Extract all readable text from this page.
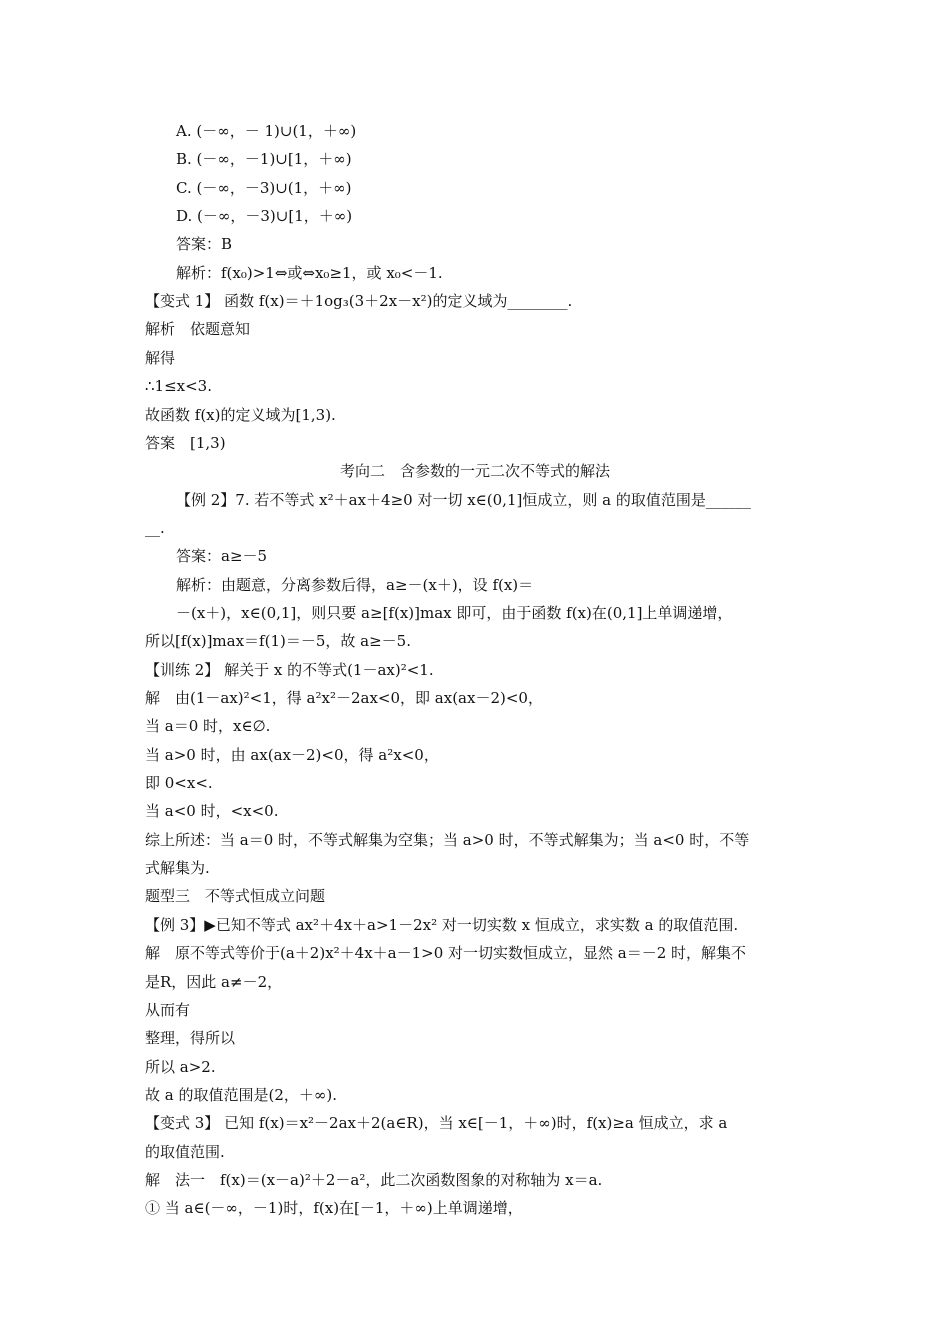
A. (－∞，－ 1)∪(1，＋∞)
B. (－∞，－1)∪[1，＋∞)
C. (－∞，－3)∪(1，＋∞)
D. (－∞，－3)∪[1，＋∞)
答案：B
解析：f(x₀)>1⇔或⇔x₀≥1，或 x₀<－1.
【变式 1】 函数 f(x)＝＋1og₃(3＋2x－x²)的定义域为________.
解析　依题意知
解得
∴1≤x<3.
故函数 f(x)的定义域为[1,3).
答案　[1,3)
考向二　含参数的一元二次不等式的解法
【例 2】7. 若不等式 x²＋ax＋4≥0 对一切 x∈(0,1]恒成立，则 a 的取值范围是______
__.
答案：a≥－5
解析：由题意，分离参数后得，a≥－(x＋)，设 f(x)＝
－(x＋)，x∈(0,1]，则只要 a≥[f(x)]max 即可，由于函数 f(x)在(0,1]上单调递增，
所以[f(x)]max＝f(1)＝－5，故 a≥－5.
【训练 2】 解关于 x 的不等式(1－ax)²<1.
解　由(1－ax)²<1，得 a²x²－2ax<0，即 ax(ax－2)<0，
当 a＝0 时，x∈∅.
当 a>0 时，由 ax(ax－2)<0，得 a²x<0，
即 0<x<.
当 a<0 时，<x<0.
综上所述：当 a＝0 时，不等式解集为空集；当 a>0 时，不等式解集为；当 a<0 时，不等
式解集为.
题型三　不等式恒成立问题
【例 3】▶已知不等式 ax²＋4x＋a>1－2x² 对一切实数 x 恒成立，求实数 a 的取值范围.
解　原不等式等价于(a＋2)x²＋4x＋a－1>0 对一切实数恒成立，显然 a＝－2 时，解集不
是R，因此 a≠－2，
从而有
整理，得所以
所以 a>2.
故 a 的取值范围是(2，＋∞).
【变式 3】 已知 f(x)＝x²－2ax＋2(a∈R)，当 x∈[－1，＋∞)时，f(x)≥a 恒成立，求 a
的取值范围.
解　法一　f(x)＝(x－a)²＋2－a²，此二次函数图象的对称轴为 x＝a.
① 当 a∈(－∞，－1)时，f(x)在[－1，＋∞)上单调递增，
